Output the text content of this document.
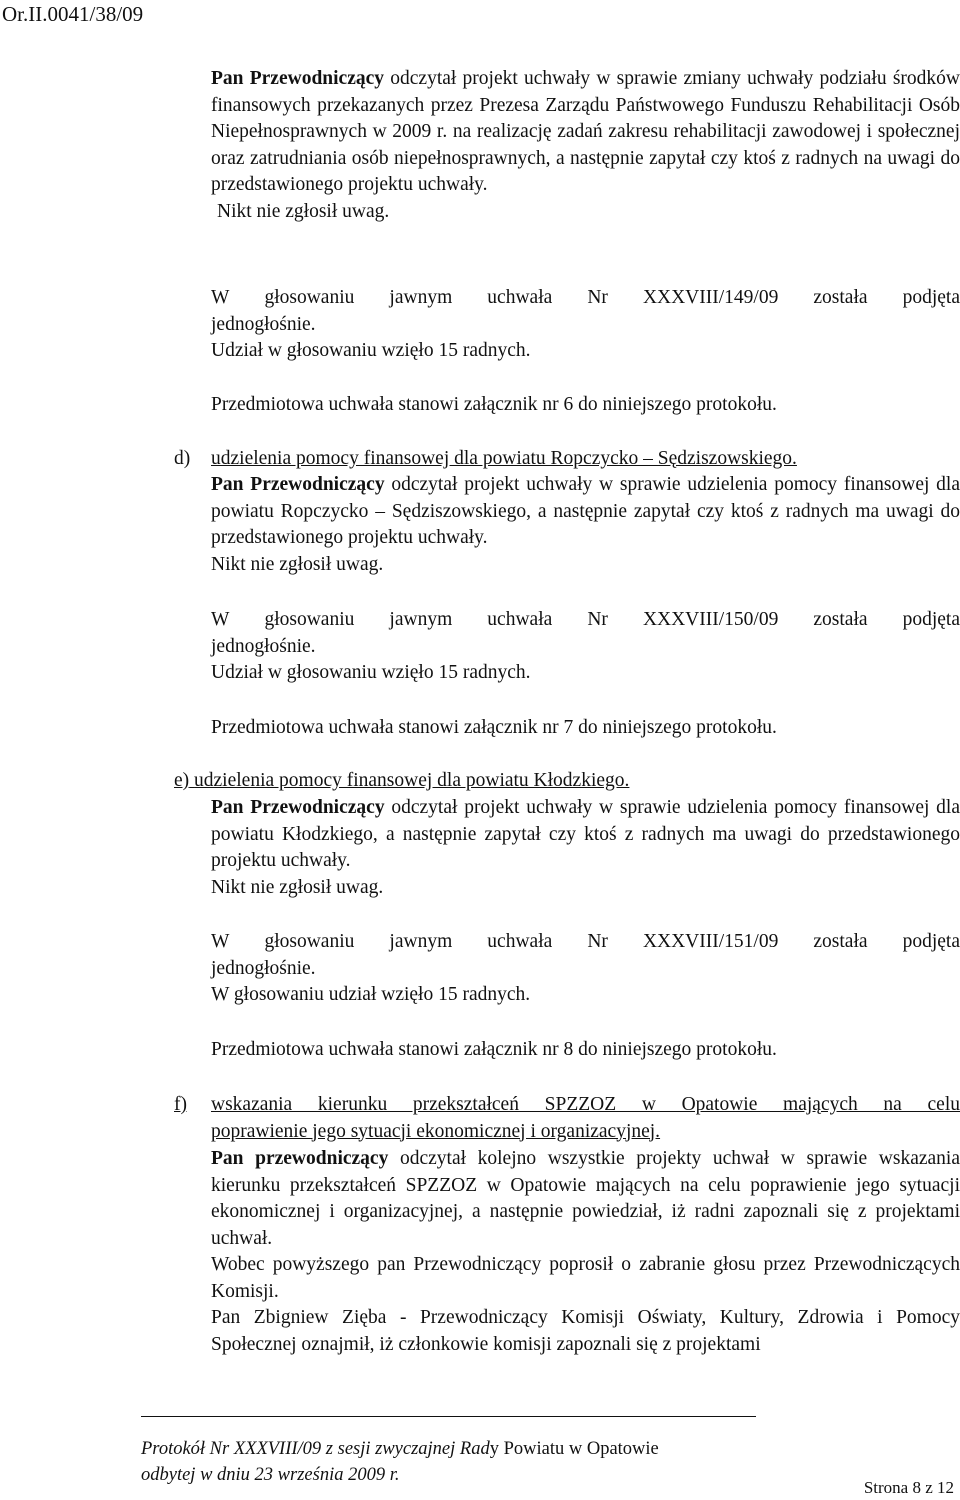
Or.II.0041/38/09

Pan Przewodniczący odczytał projekt uchwały w sprawie zmiany uchwały podziału środków finansowych przekazanych przez Prezesa Zarządu Państwowego Funduszu Rehabilitacji Osób Niepełnosprawnych w 2009 r. na realizację zadań zakresu rehabilitacji zawodowej i społecznej oraz zatrudniania osób niepełnosprawnych, a następnie zapytał czy ktoś z radnych na uwagi do przedstawionego projektu uchwały.

Nikt nie zgłosił uwag.

W głosowaniu jawnym uchwała Nr XXXVIII/149/09 została podjęta

jednogłośnie.

Udział w głosowaniu wzięło 15 radnych.

Przedmiotowa uchwała stanowi załącznik nr 6 do niniejszego protokołu.
d) udzielenia pomocy finansowej dla powiatu Ropczycko – Sędziszowskiego.

Pan Przewodniczący odczytał projekt uchwały w sprawie udzielenia pomocy finansowej dla powiatu Ropczycko – Sędziszowskiego, a następnie zapytał czy ktoś z radnych ma uwagi do przedstawionego projektu uchwały.

Nikt nie zgłosił uwag.

W głosowaniu jawnym uchwała Nr XXXVIII/150/09 została podjęta

jednogłośnie.

Udział w głosowaniu wzięło 15 radnych.

Przedmiotowa uchwała stanowi załącznik nr 7 do niniejszego protokołu.
e) udzielenia pomocy finansowej dla powiatu Kłodzkiego.

Pan Przewodniczący odczytał projekt uchwały w sprawie udzielenia pomocy finansowej dla powiatu Kłodzkiego, a następnie zapytał czy ktoś z radnych ma uwagi do przedstawionego projektu uchwały.

Nikt nie zgłosił uwag.

W głosowaniu jawnym uchwała Nr XXXVIII/151/09 została podjęta

jednogłośnie.

W głosowaniu udział wzięło 15 radnych.

Przedmiotowa uchwała stanowi załącznik nr 8 do niniejszego protokołu.
f)	wskazania kierunku przekształceń SPZZOZ w Opatowie mających na celu
poprawienie jego sytuacji ekonomicznej i organizacyjnej.

Pan przewodniczący odczytał kolejno wszystkie projekty uchwał w sprawie wskazania kierunku przekształceń SPZZOZ w Opatowie mających na celu poprawienie jego sytuacji ekonomicznej i organizacyjnej, a następnie powiedział, iż radni zapoznali się z projektami uchwał.

Wobec powyższego pan Przewodniczący poprosił o zabranie głosu przez Przewodniczących Komisji.

Pan Zbigniew Zięba - Przewodniczący Komisji Oświaty, Kultury, Zdrowia i Pomocy Społecznej oznajmił, iż członkowie komisji zapoznali się z projektami

Protokół Nr XXXVIII/09 z sesji zwyczajnej Rady Powiatu w Opatowie
odbytej w dniu 23 września 2009 r.
Strona 8 z 12
